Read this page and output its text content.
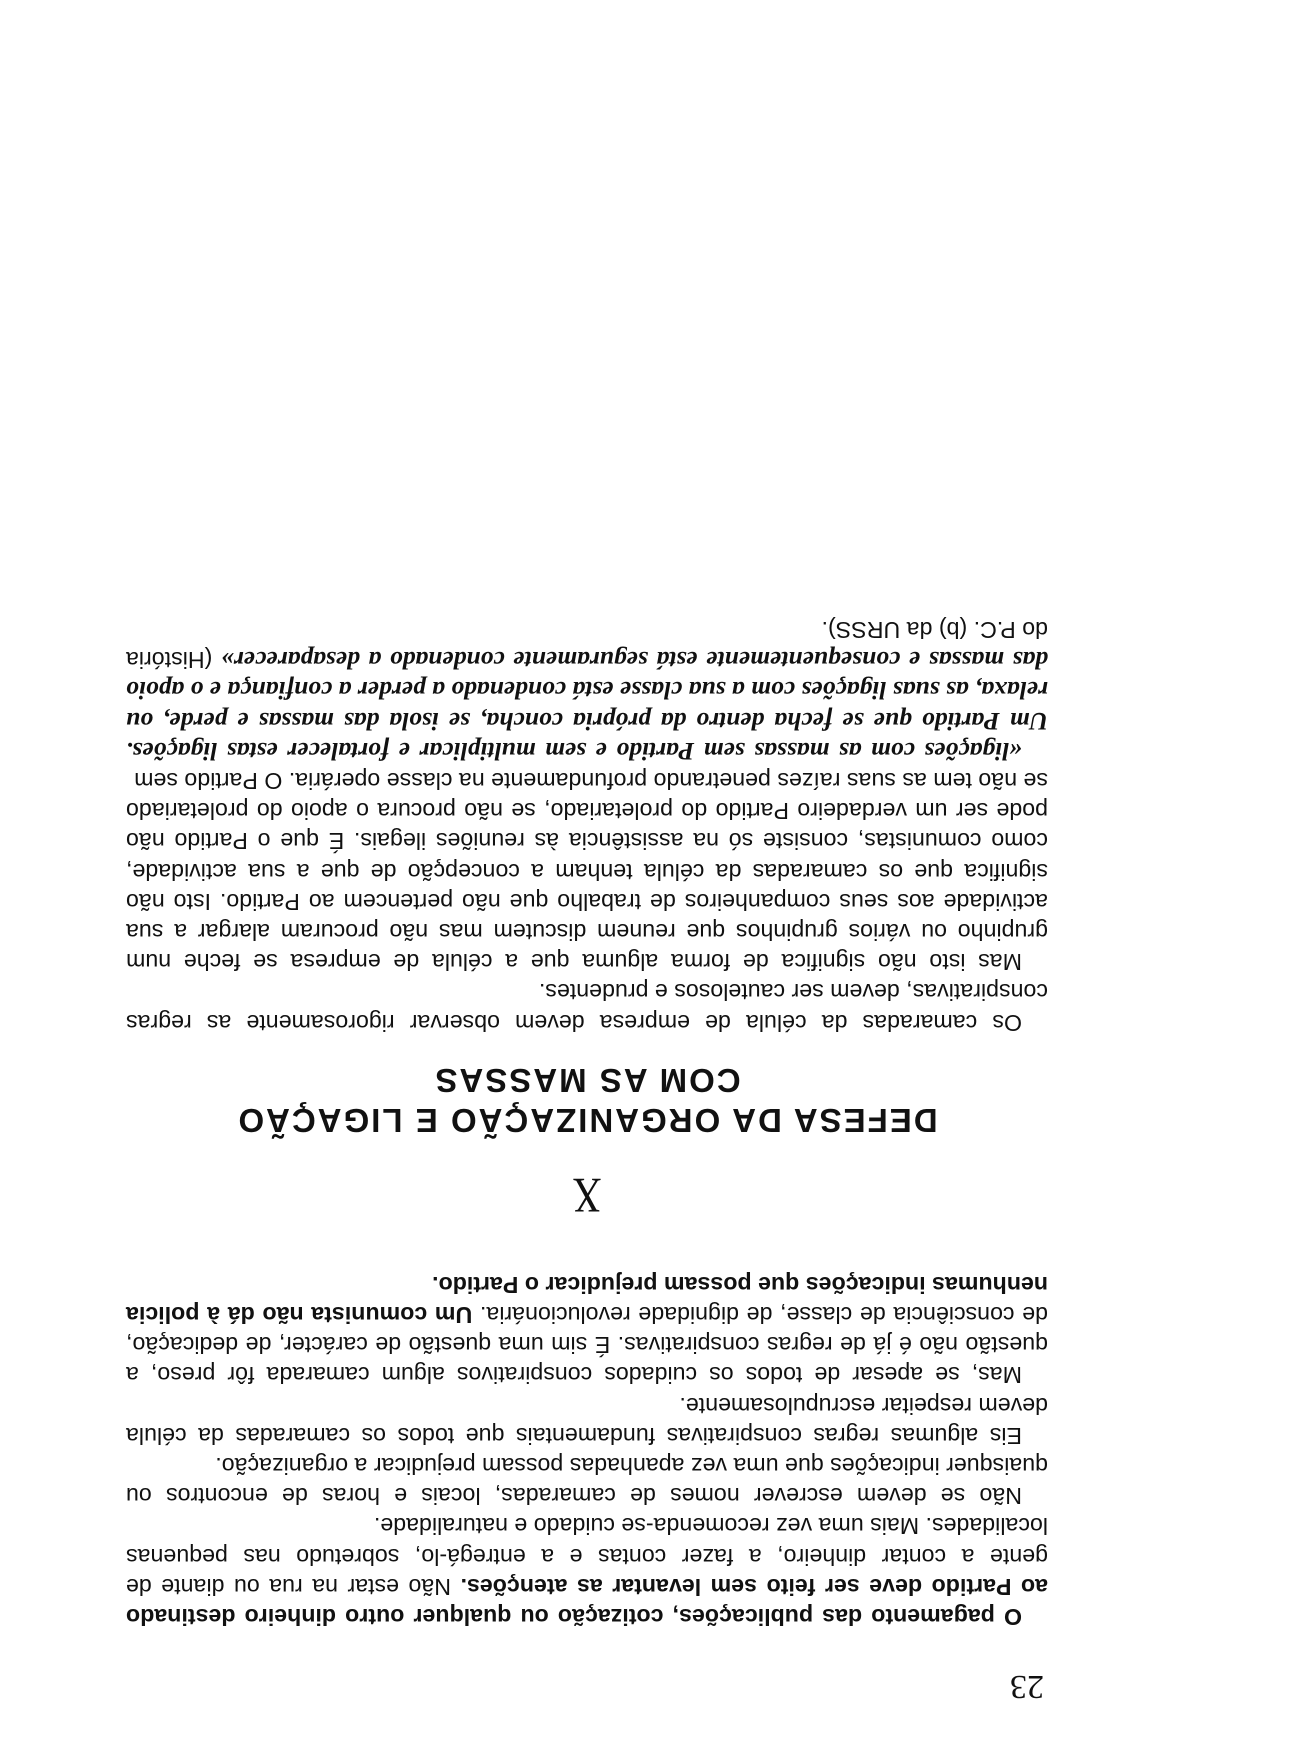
23

O pagamento das publicações, cotização ou qualquer outro dinheiro destinado ao Partido deve ser feito sem levantar as atenções. Não estar na rua ou diante de gente a contar dinheiro, a fazer contas e a entregá-lo, sobretudo nas pequenas localidades. Mais uma vez recomenda-se cuidado e naturalidade.

Não se devem escrever nomes de camaradas, locais e horas de encontros ou quaisquer indicações que uma vez apanhadas possam prejudicar a organização.

Eis algumas regras conspirativas fundamentais que todos os camaradas da célula devem respeitar escrupulosamente.

Mas, se apesar de todos os cuidados conspirativos algum camarada fôr preso, a questão não é já de regras conspirativas. É sim uma questão de carácter, de dedicação, de consciência de classe, de dignidade revolucionária. Um comunista não dá à policia nenhumas indicações que possam prejudicar o Partido.

X
DEFESA DA ORGANIZAÇÃO E LIGAÇÃO
COM AS MASSAS

Os camaradas da célula de empresa devem observar rigorosamente as regras conspirativas, devem ser cautelosos e prudentes.

Mas isto não significa de forma alguma que a célula de empresa se feche num grupinho ou vários grupinhos que reunem discutem mas não procuram alargar a sua actividade aos seus companheiros de trabalho que não pertencem ao Partido. Isto não significa que os camaradas da célula tenham a concepção de que a sua actividade, como comunistas, consiste só na assistência às reuniões ilegais. É que o Partido não pode ser um verdadeiro Partido do proletariado, se não procura o apoio do proletariado se não tem as suas raízes penetrando profundamente na classe operária. O Partido sem

«ligações com as massas sem Partido e sem multiplicar e fortalecer estas ligações. Um Partido que se fecha dentro da própria concha, se isola das massas e perde, ou relaxa, as suas ligações com a sua classe está condenado a perder a confiança e o apoio das massas e consequentemente está seguramente condenado a desaparecer» (História do P.C. (b) da URSS).
